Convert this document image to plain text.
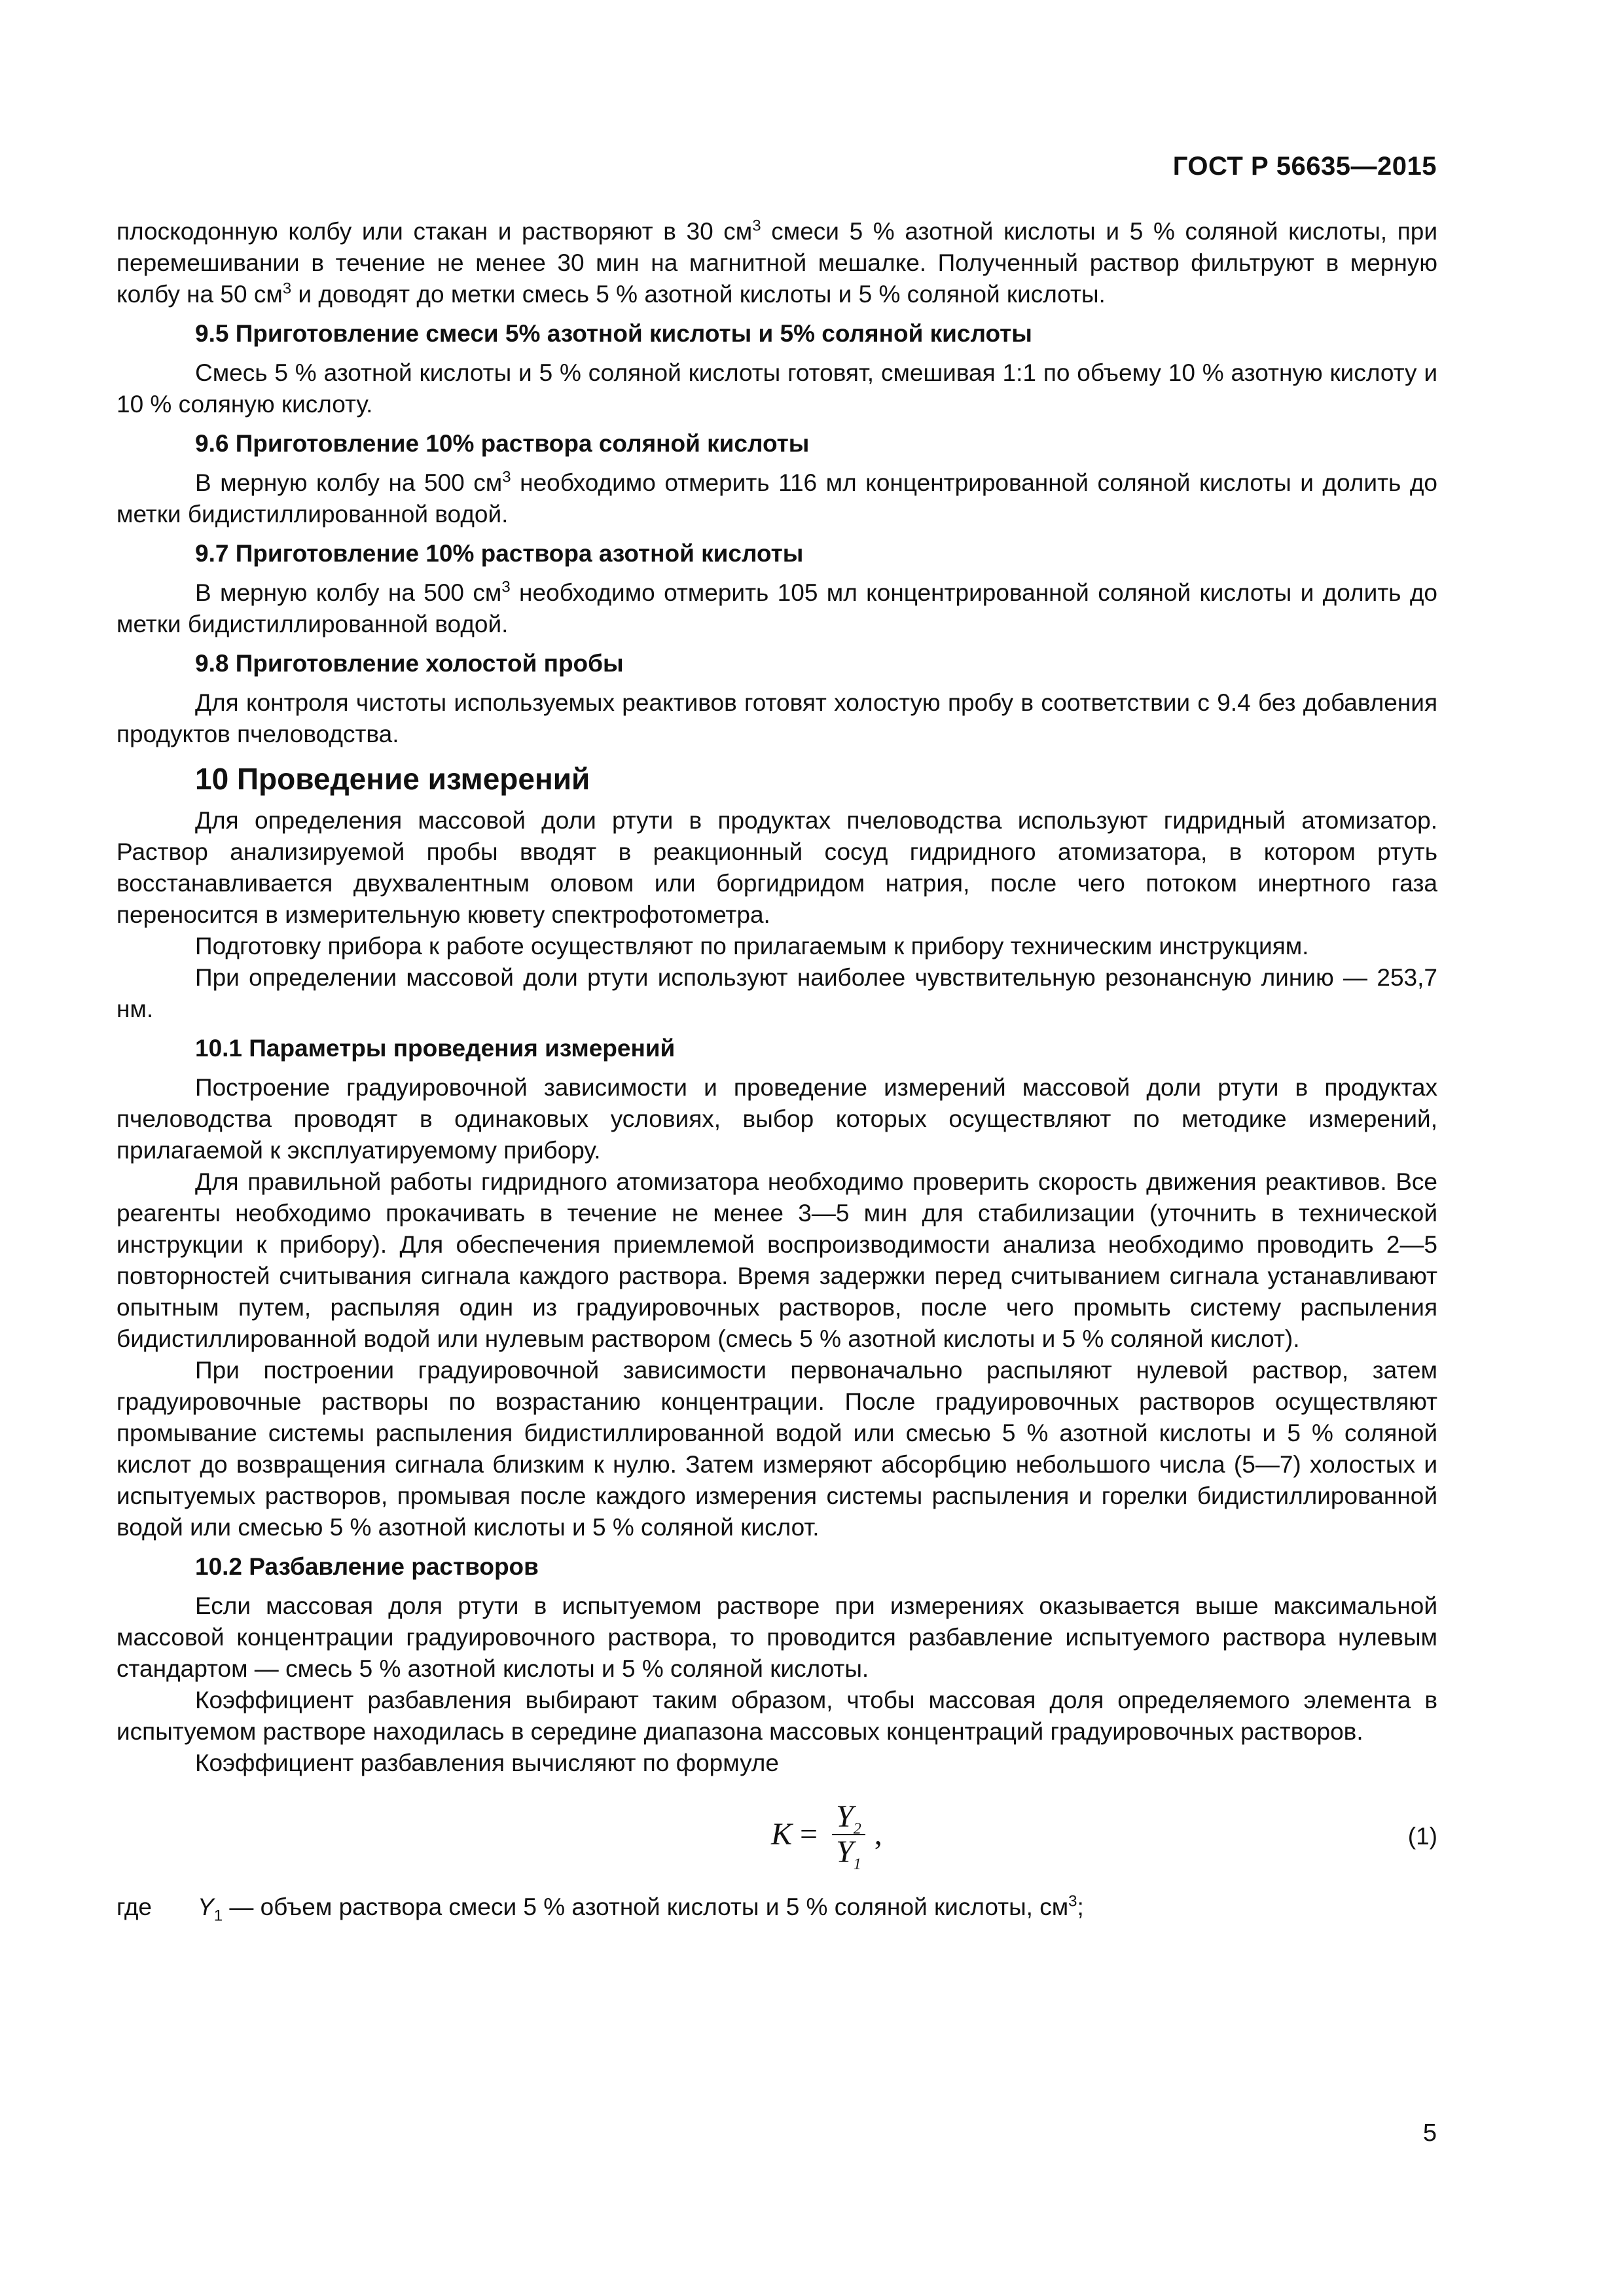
ГОСТ Р 56635—2015

плоскодонную колбу или стакан и растворяют в 30 $см^3$ смеси 5 % азотной кислоты и 5 % соляной кислоты, при перемешивании в течение не менее 30 мин на магнитной мешалке. Полученный раствор фильтруют в мерную колбу на 50 $см^3$ и доводят до метки смесь 5 % азотной кислоты и 5 % соляной кислоты.

9.5 Приготовление смеси 5% азотной кислоты и 5% соляной кислоты

Смесь 5 % азотной кислоты и 5 % соляной кислоты готовят, смешивая 1:1 по объему 10 % азотную кислоту и 10 % соляную кислоту.

9.6 Приготовление 10% раствора соляной кислоты

В мерную колбу на 500 $см^3$ необходимо отмерить 116 мл концентрированной соляной кислоты и долить до метки бидистиллированной водой.

9.7 Приготовление 10% раствора азотной кислоты

В мерную колбу на 500 $см^3$ необходимо отмерить 105 мл концентрированной соляной кислоты и долить до метки бидистиллированной водой.

9.8 Приготовление холостой пробы

Для контроля чистоты используемых реактивов готовят холостую пробу в соответствии с 9.4 без добавления продуктов пчеловодства.

10 Проведение измерений

Для определения массовой доли ртути в продуктах пчеловодства используют гидридный атомизатор. Раствор анализируемой пробы вводят в реакционный сосуд гидридного атомизатора, в котором ртуть восстанавливается двухвалентным оловом или боргидридом натрия, после чего потоком инертного газа переносится в измерительную кювету спектрофотометра.

Подготовку прибора к работе осуществляют по прилагаемым к прибору техническим инструкциям.

При определении массовой доли ртути используют наиболее чувствительную резонансную линию — 253,7 нм.

10.1 Параметры проведения измерений

Построение градуировочной зависимости и проведение измерений массовой доли ртути в продуктах пчеловодства проводят в одинаковых условиях, выбор которых осуществляют по методике измерений, прилагаемой к эксплуатируемому прибору.

Для правильной работы гидридного атомизатора необходимо проверить скорость движения реактивов. Все реагенты необходимо прокачивать в течение не менее 3—5 мин для стабилизации (уточнить в технической инструкции к прибору). Для обеспечения приемлемой воспроизводимости анализа необходимо проводить 2—5 повторностей считывания сигнала каждого раствора. Время задержки перед считыванием сигнала устанавливают опытным путем, распыляя один из градуировочных растворов, после чего промыть систему распыления бидистиллированной водой или нулевым раствором (смесь 5 % азотной кислоты и 5 % соляной кислот).

При построении градуировочной зависимости первоначально распыляют нулевой раствор, затем градуировочные растворы по возрастанию концентрации. После градуировочных растворов осуществляют промывание системы распыления бидистиллированной водой или смесью 5 % азотной кислоты и 5 % соляной кислот до возвращения сигнала близким к нулю. Затем измеряют абсорбцию небольшого числа (5—7) холостых и испытуемых растворов, промывая после каждого измерения системы распыления и горелки бидистиллированной водой или смесью 5 % азотной кислоты и 5 % соляной кислот.

10.2 Разбавление растворов

Если массовая доля ртути в испытуемом растворе при измерениях оказывается выше максимальной массовой концентрации градуировочного раствора, то проводится разбавление испытуемого раствора нулевым стандартом — смесь 5 % азотной кислоты и 5 % соляной кислоты.

Коэффициент разбавления выбирают таким образом, чтобы массовая доля определяемого элемента в испытуемом растворе находилась в середине диапазона массовых концентраций градуировочных растворов.

Коэффициент разбавления вычисляют по формуле

$K = \frac{Y_2}{Y_1}$ ,	(1)
где $Y_1$ — объем раствора смеси 5 % азотной кислоты и 5 % соляной кислоты, $см^3$;
5
